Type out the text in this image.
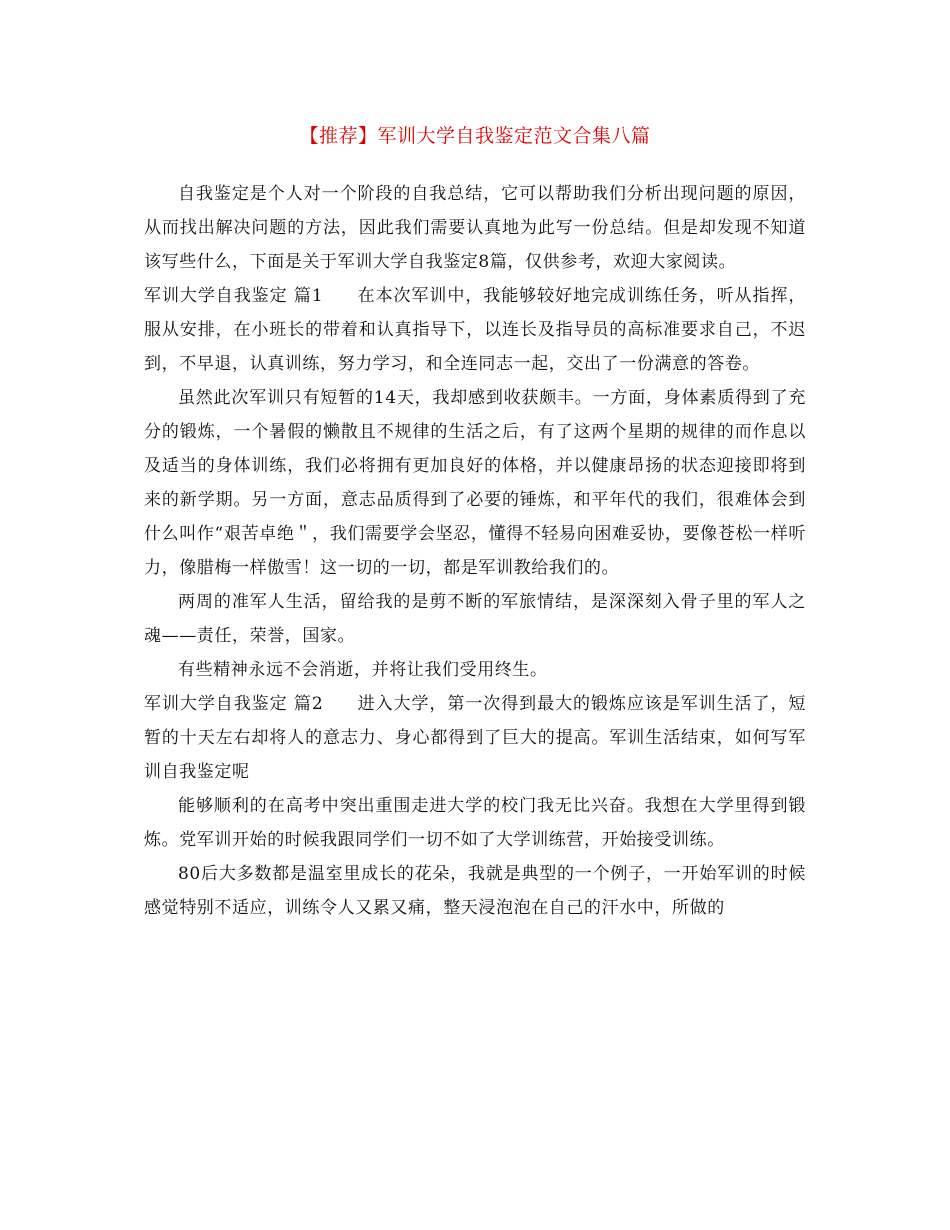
【推荐】军训大学自我鉴定范文合集八篇

自我鉴定是个人对一个阶段的自我总结，它可以帮助我们分析出现问题的原因，从而找出解决问题的方法，因此我们需要认真地为此写一份总结。但是却发现不知道该写些什么，下面是关于军训大学自我鉴定8篇，仅供参考，欢迎大家阅读。

军训大学自我鉴定 篇1 在本次军训中，我能够较好地完成训练任务，听从指挥，服从安排，在小班长的带着和认真指导下，以连长及指导员的高标准要求自己，不迟到，不早退，认真训练，努力学习，和全连同志一起，交出了一份满意的答卷。

虽然此次军训只有短暂的14天，我却感到收获颇丰。一方面，身体素质得到了充分的锻炼，一个暑假的懒散且不规律的生活之后，有了这两个星期的规律的而作息以及适当的身体训练，我们必将拥有更加良好的体格，并以健康昂扬的状态迎接即将到来的新学期。另一方面，意志品质得到了必要的锤炼，和平年代的我们，很难体会到什么叫作“艰苦卓绝＂，我们需要学会坚忍，懂得不轻易向困难妥协，要像苍松一样听力，像腊梅一样傲雪！这一切的一切，都是军训教给我们的。

两周的准军人生活，留给我的是剪不断的军旅情结，是深深刻入骨子里的军人之魂——责任，荣誉，国家。

有些精神永远不会消逝，并将让我们受用终生。

军训大学自我鉴定 篇2 进入大学，第一次得到最大的锻炼应该是军训生活了，短暂的十天左右却将人的意志力、身心都得到了巨大的提高。军训生活结束，如何写军训自我鉴定呢

能够顺利的在高考中突出重围走进大学的校门我无比兴奋。我想在大学里得到锻炼。党军训开始的时候我跟同学们一切不如了大学训练营，开始接受训练。

80后大多数都是温室里成长的花朵，我就是典型的一个例子，一开始军训的时候感觉特别不适应，训练令人又累又痛，整天浸泡泡在自己的汗水中，所做的
